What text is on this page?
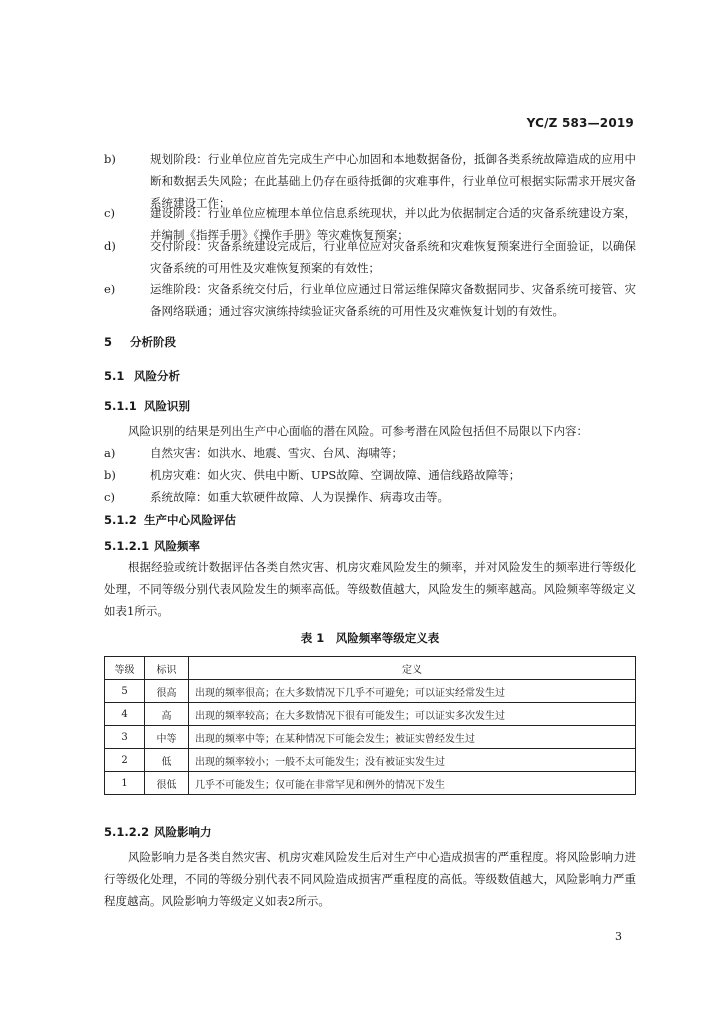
YC/Z 583—2019
b)	规划阶段：行业单位应首先完成生产中心加固和本地数据备份，抵御各类系统故障造成的应用中断和数据丢失风险；在此基础上仍存在亟待抵御的灾难事件，行业单位可根据实际需求开展灾备系统建设工作；
c)	建设阶段：行业单位应梳理本单位信息系统现状，并以此为依据制定合适的灾备系统建设方案，并编制《指挥手册》《操作手册》等灾难恢复预案；
d)	交付阶段：灾备系统建设完成后，行业单位应对灾备系统和灾难恢复预案进行全面验证，以确保灾备系统的可用性及灾难恢复预案的有效性；
e)	运维阶段：灾备系统交付后，行业单位应通过日常运维保障灾备数据同步、灾备系统可接管、灾备网络联通；通过容灾演练持续验证灾备系统的可用性及灾难恢复计划的有效性。
5 分析阶段
5.1 风险分析
5.1.1 风险识别
风险识别的结果是列出生产中心面临的潜在风险。可参考潜在风险包括但不局限以下内容：
a)	自然灾害：如洪水、地震、雪灾、台风、海啸等；
b)	机房灾难：如火灾、供电中断、UPS故障、空调故障、通信线路故障等；
c)	系统故障：如重大软硬件故障、人为误操作、病毒攻击等。
5.1.2 生产中心风险评估
5.1.2.1 风险频率
根据经验或统计数据评估各类自然灾害、机房灾难风险发生的频率，并对风险发生的频率进行等级化处理，不同等级分别代表风险发生的频率高低。等级数值越大，风险发生的频率越高。风险频率等级定义如表1所示。
表 1　风险频率等级定义表
等级	标识	定义
5	很高	出现的频率很高；在大多数情况下几乎不可避免；可以证实经常发生过
4	高	出现的频率较高；在大多数情况下很有可能发生；可以证实多次发生过
3	中等	出现的频率中等；在某种情况下可能会发生；被证实曾经发生过
2	低	出现的频率较小；一般不太可能发生；没有被证实发生过
1	很低	几乎不可能发生；仅可能在非常罕见和例外的情况下发生
5.1.2.2 风险影响力
风险影响力是各类自然灾害、机房灾难风险发生后对生产中心造成损害的严重程度。将风险影响力进行等级化处理，不同的等级分别代表不同风险造成损害严重程度的高低。等级数值越大，风险影响力严重程度越高。风险影响力等级定义如表2所示。
3
